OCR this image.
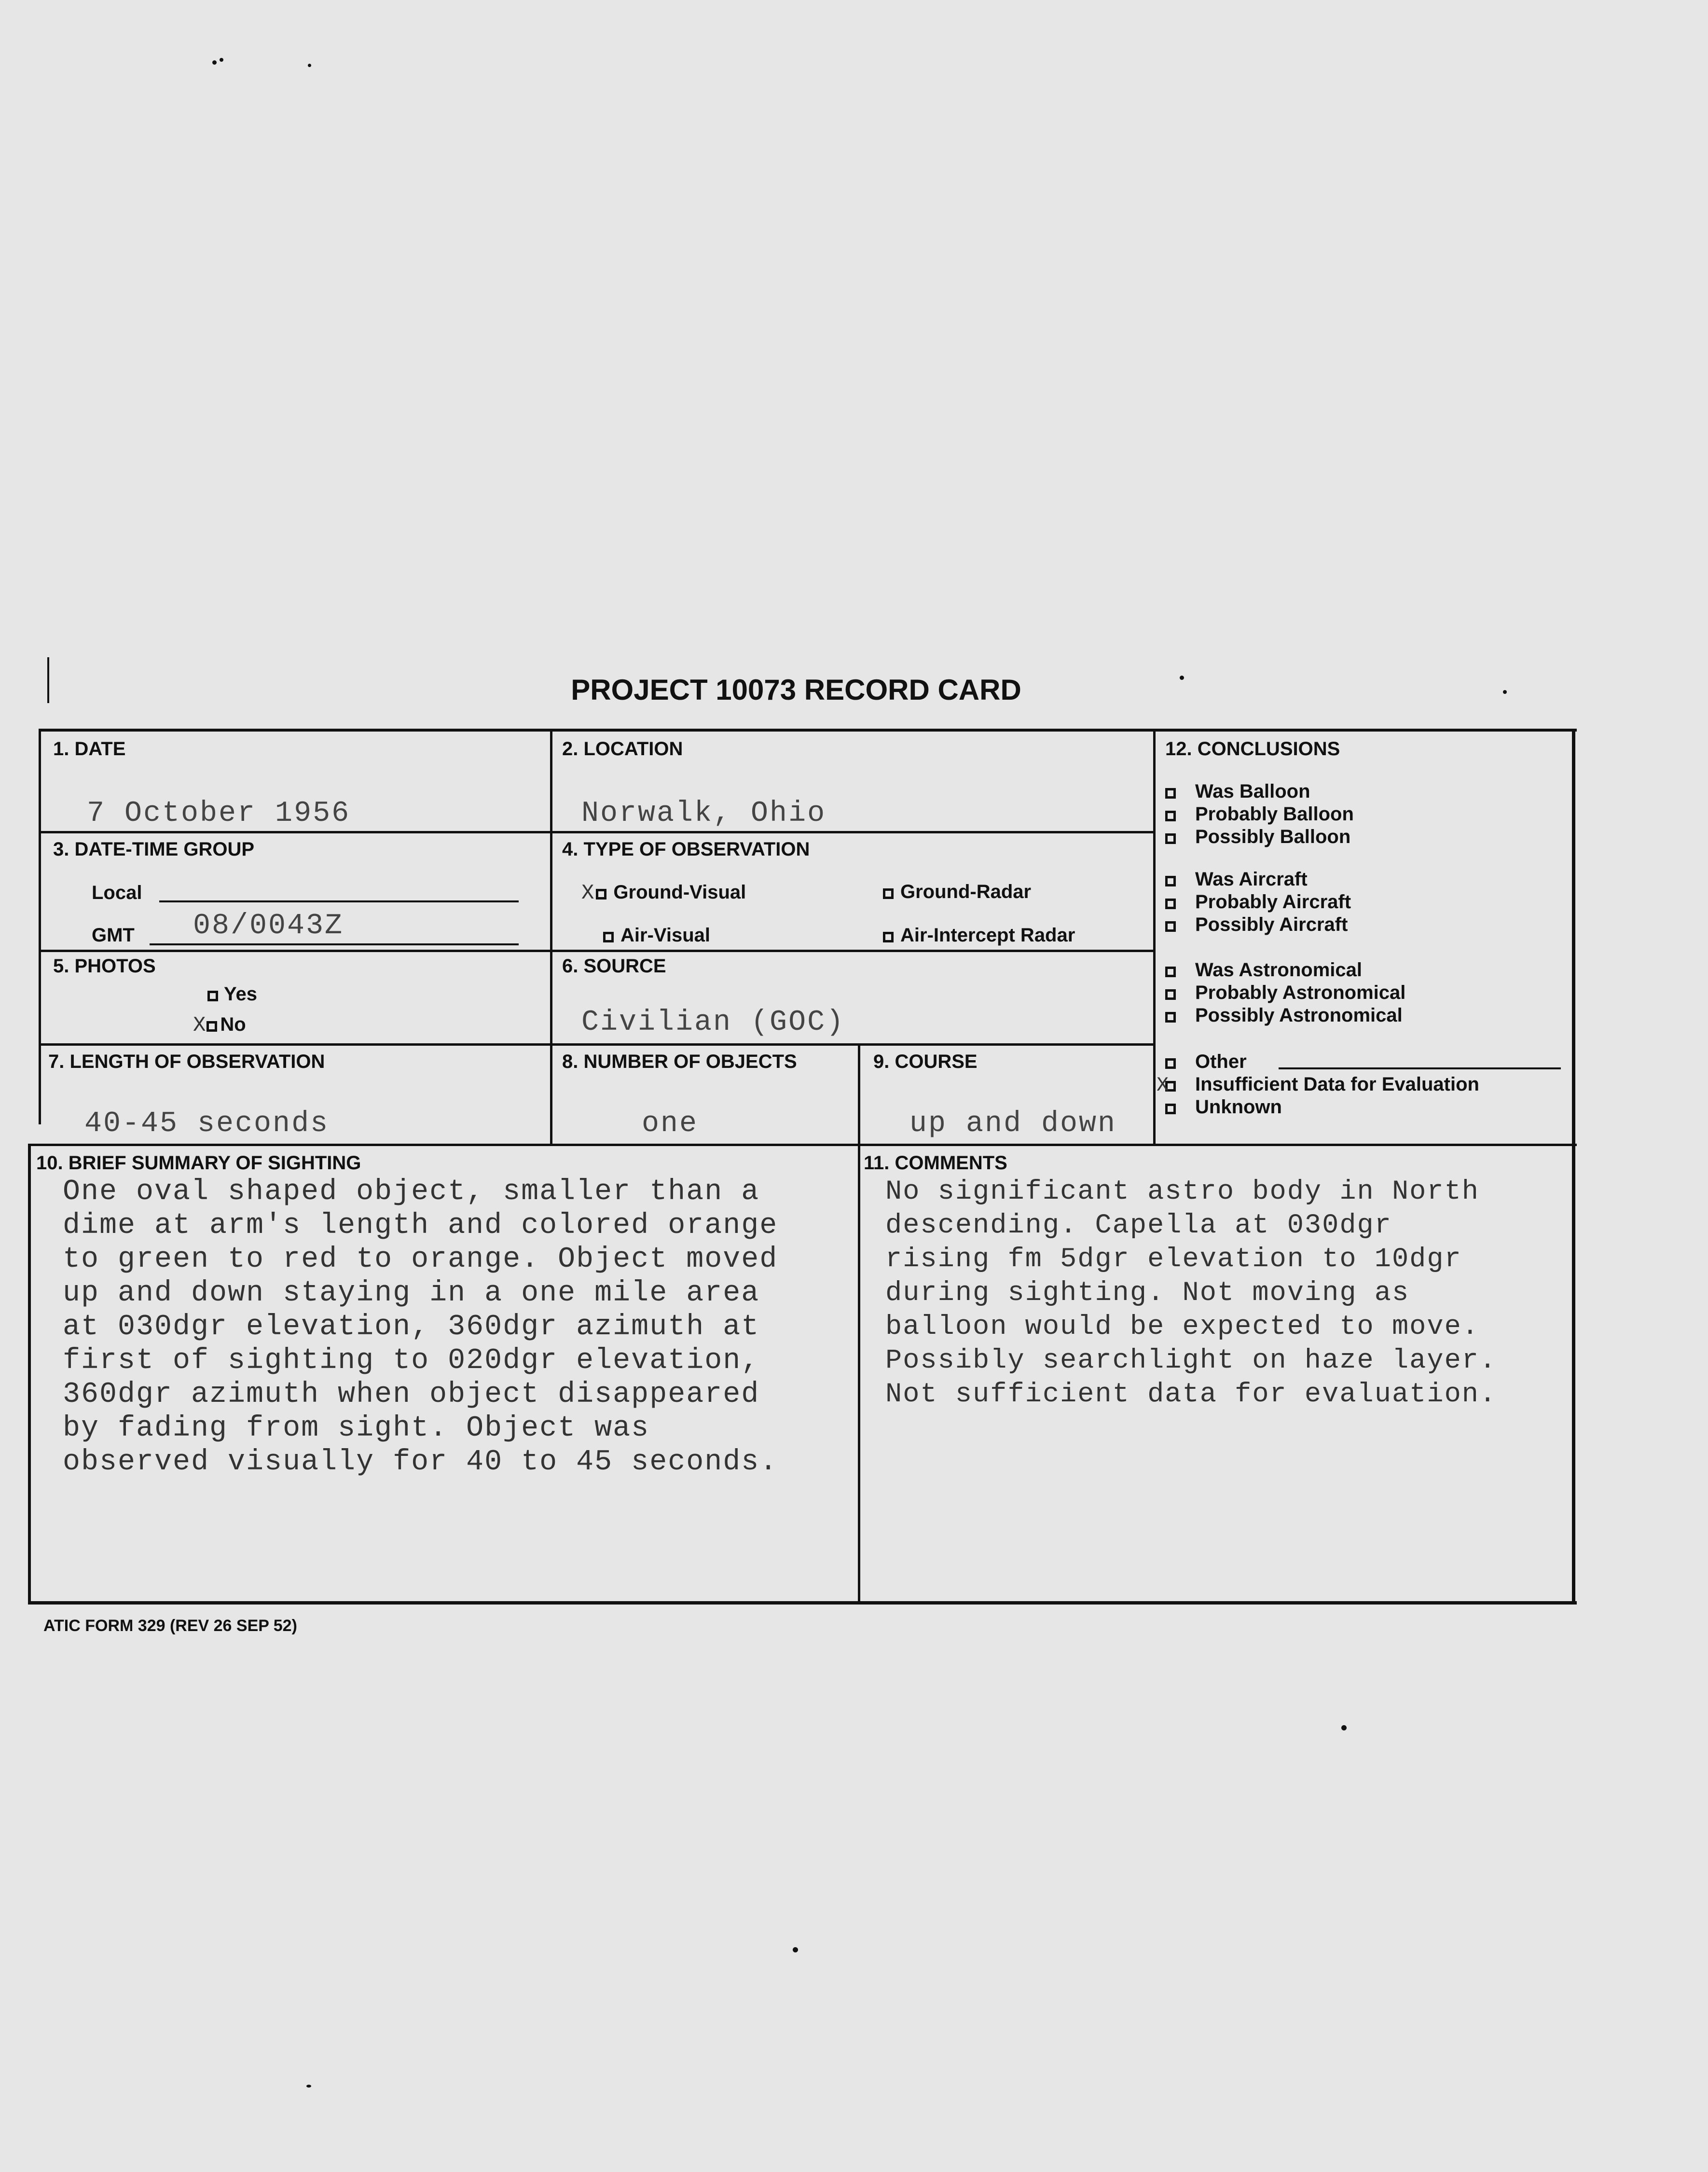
PROJECT 10073 RECORD CARD
1. DATE
7 October 1956
2. LOCATION
Norwalk, Ohio
3. DATE-TIME GROUP
Local
GMT 08/0043Z
4. TYPE OF OBSERVATION
X Ground-Visual	Ground-Radar
Air-Visual	Air-Intercept Radar
5. PHOTOS
Yes
X No
6. SOURCE
Civilian (GOC)
7. LENGTH OF OBSERVATION
40-45 seconds
8. NUMBER OF OBJECTS
one
9. COURSE
up and down
10. BRIEF SUMMARY OF SIGHTING
One oval shaped object, smaller than a
dime at arm's length and colored orange
to green to red to orange. Object moved
up and down staying in a one mile area
at 030dgr elevation, 360dgr azimuth at
first of sighting to 020dgr elevation,
360dgr azimuth when object disappeared
by fading from sight. Object was
observed visually for 40 to 45 seconds.
11. COMMENTS
No significant astro body in North
descending. Capella at 030dgr
rising fm 5dgr elevation to 10dgr
during sighting. Not moving as
balloon would be expected to move.
Possibly searchlight on haze layer.
Not sufficient data for evaluation.
12. CONCLUSIONS
Was Balloon
Probably Balloon
Possibly Balloon
Was Aircraft
Probably Aircraft
Possibly Aircraft
Was Astronomical
Probably Astronomical
Possibly Astronomical
Other
X Insufficient Data for Evaluation
Unknown
ATIC FORM 329 (REV 26 SEP 52)
